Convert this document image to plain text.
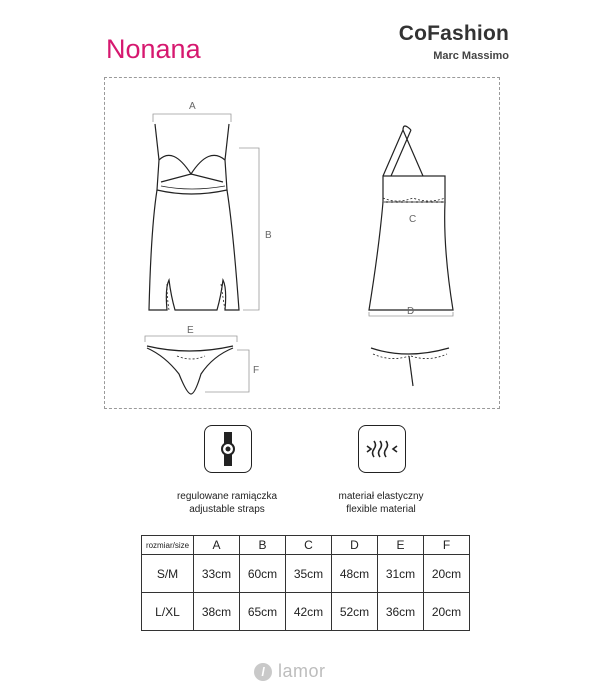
Nonana
CoFashion
Marc Massimo
A
B
C
D
E
F
regulowane ramiączka
adjustable straps
materiał elastyczny
flexible material
rozmiar/size	A	B	C	D	E	F
S/M	33cm	60cm	35cm	48cm	31cm	20cm
L/XL	38cm	65cm	42cm	52cm	36cm	20cm
l lamor
